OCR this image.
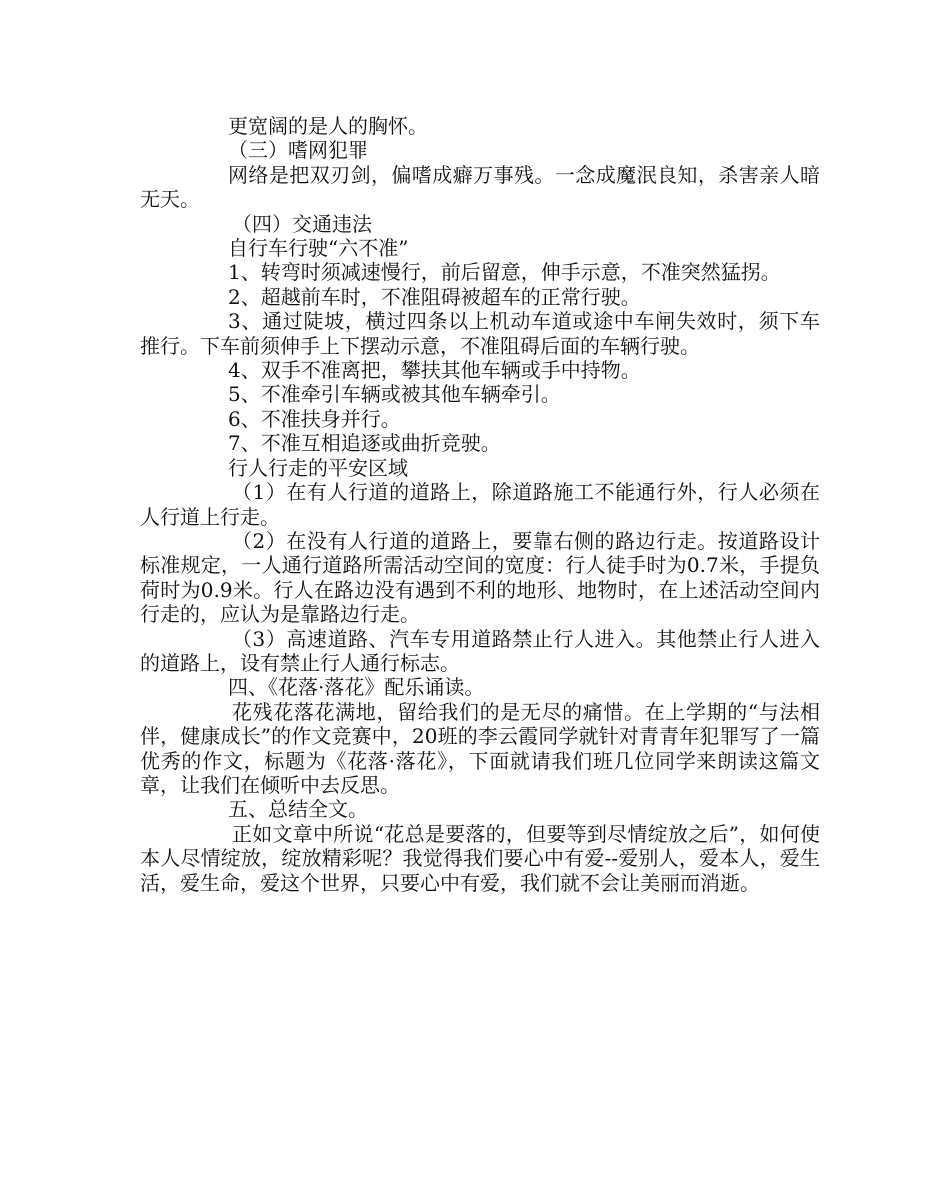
更宽阔的是人的胸怀。

（三）嗜网犯罪

网络是把双刃剑，偏嗜成癖万事残。一念成魔泯良知，杀害亲人暗无天。

（四）交通违法

自行车行驶“六不准”

1、转弯时须减速慢行，前后留意，伸手示意，不准突然猛拐。

2、超越前车时，不准阻碍被超车的正常行驶。

3、通过陡坡，横过四条以上机动车道或途中车闸失效时，须下车推行。下车前须伸手上下摆动示意，不准阻碍后面的车辆行驶。

4、双手不准离把，攀扶其他车辆或手中持物。

5、不准牵引车辆或被其他车辆牵引。

6、不准扶身并行。

7、不准互相追逐或曲折竞驶。

行人行走的平安区域

（1）在有人行道的道路上，除道路施工不能通行外，行人必须在人行道上行走。

（2）在没有人行道的道路上，要靠右侧的路边行走。按道路设计标准规定，一人通行道路所需活动空间的宽度：行人徒手时为0.7米，手提负荷时为0.9米。行人在路边没有遇到不利的地形、地物时，在上述活动空间内行走的，应认为是靠路边行走。

（3）高速道路、汽车专用道路禁止行人进入。其他禁止行人进入的道路上，设有禁止行人通行标志。

四、《花落·落花》配乐诵读。

花残花落花满地，留给我们的是无尽的痛惜。在上学期的“与法相伴，健康成长”的作文竞赛中，20班的李云霞同学就针对青青年犯罪写了一篇优秀的作文，标题为《花落·落花》，下面就请我们班几位同学来朗读这篇文章，让我们在倾听中去反思。

五、总结全文。

正如文章中所说“花总是要落的，但要等到尽情绽放之后”，如何使本人尽情绽放，绽放精彩呢？我觉得我们要心中有爱--爱别人，爱本人，爱生活，爱生命，爱这个世界，只要心中有爱，我们就不会让美丽而消逝。
